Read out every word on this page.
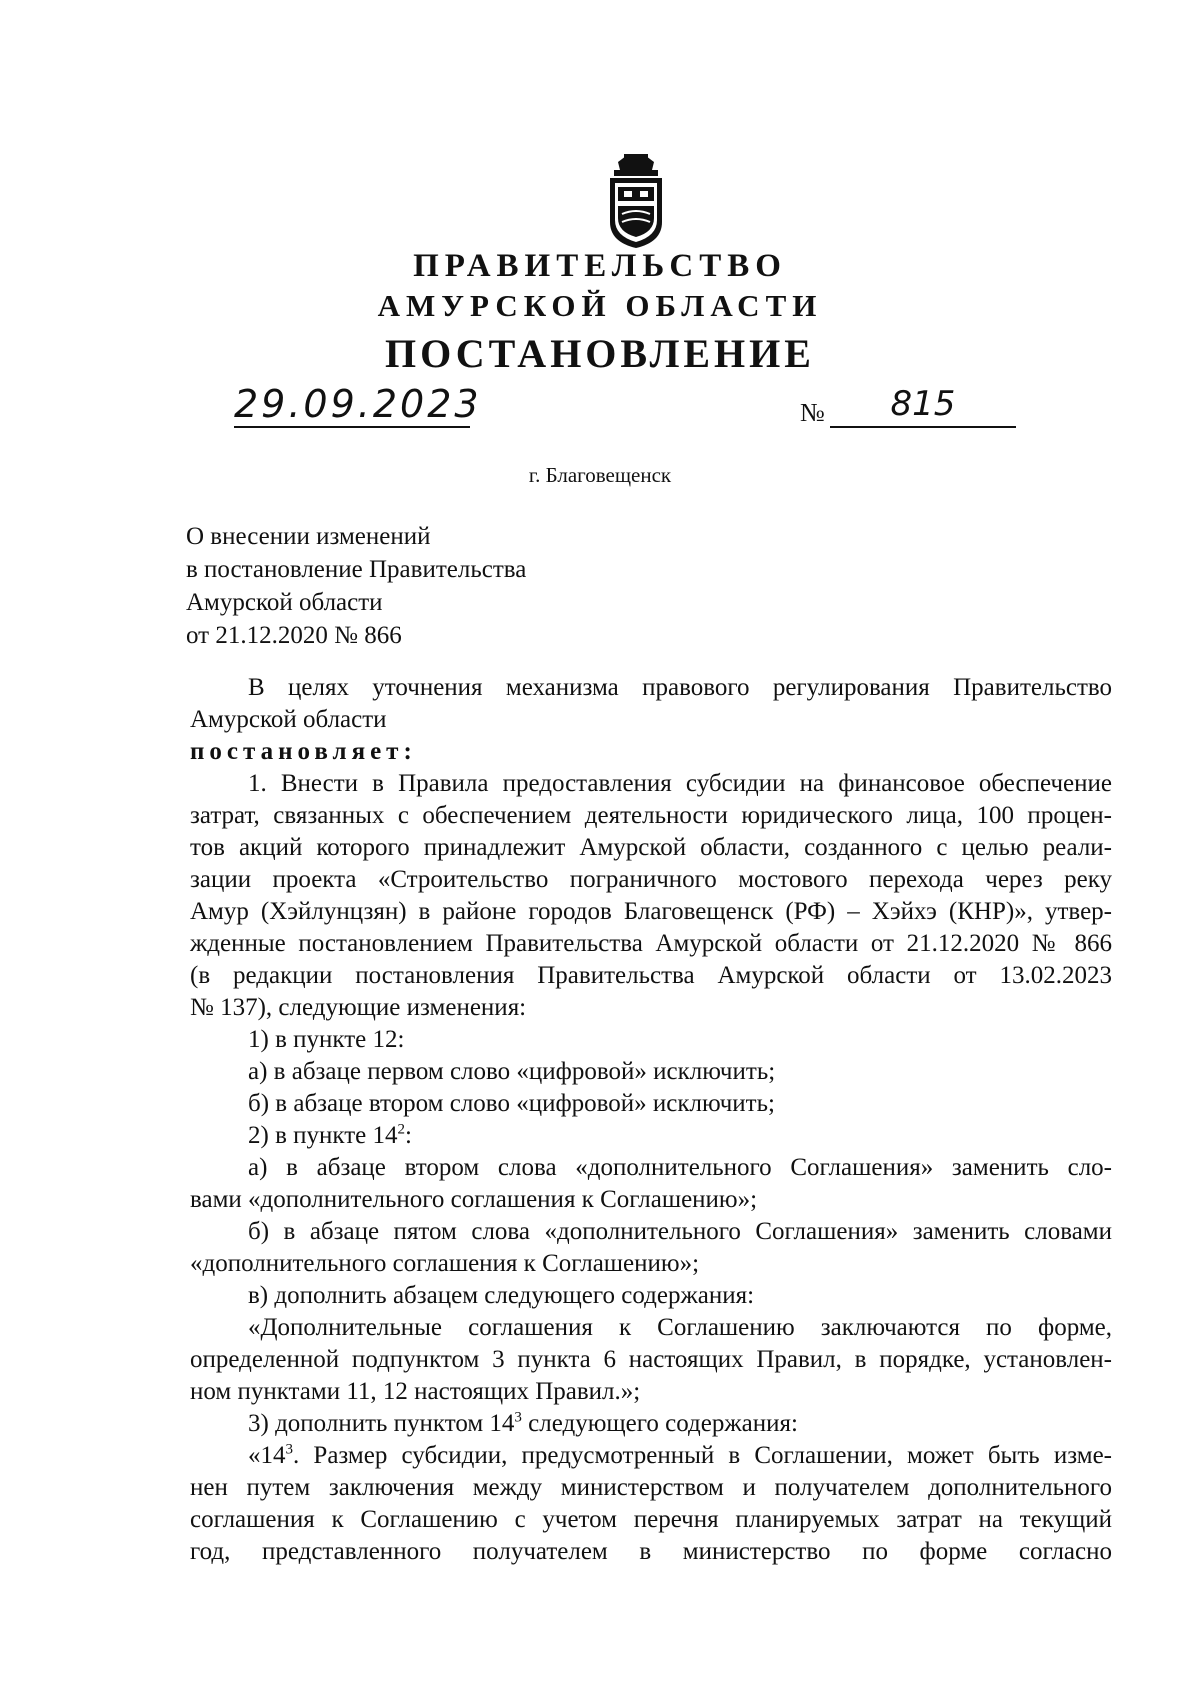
ПРАВИТЕЛЬСТВО
АМУРСКОЙ ОБЛАСТИ
ПОСТАНОВЛЕНИЕ
29.09.2023	№	815
г. Благовещенск
О внесении изменений
в постановление Правительства
Амурской области
от 21.12.2020 № 866
В целях уточнения механизма правового регулирования Правительство
Амурской области
постановляет:
1. Внести в Правила предоставления субсидии на финансовое обеспечение
затрат, связанных с обеспечением деятельности юридического лица, 100 процен-
тов акций которого принадлежит Амурской области, созданного с целью реали-
зации проекта «Строительство пограничного мостового перехода через реку
Амур (Хэйлунцзян) в районе городов Благовещенск (РФ) – Хэйхэ (КНР)», утвер-
жденные постановлением Правительства Амурской области от 21.12.2020 № 866
(в редакции постановления Правительства Амурской области от 13.02.2023
№ 137), следующие изменения:
1) в пункте 12:
а) в абзаце первом слово «цифровой» исключить;
б) в абзаце втором слово «цифровой» исключить;
2) в пункте $14^2$:
а) в абзаце втором слова «дополнительного Соглашения» заменить сло-
вами «дополнительного соглашения к Соглашению»;
б) в абзаце пятом слова «дополнительного Соглашения» заменить словами
«дополнительного соглашения к Соглашению»;
в) дополнить абзацем следующего содержания:
«Дополнительные соглашения к Соглашению заключаются по форме,
определенной подпунктом 3 пункта 6 настоящих Правил, в порядке, установлен-
ном пунктами 11, 12 настоящих Правил.»;
3) дополнить пунктом $14^3$ следующего содержания:
«$14^3$. Размер субсидии, предусмотренный в Соглашении, может быть изме-
нен путем заключения между министерством и получателем дополнительного
соглашения к Соглашению с учетом перечня планируемых затрат на текущий
год, представленного получателем в министерство по форме согласно
